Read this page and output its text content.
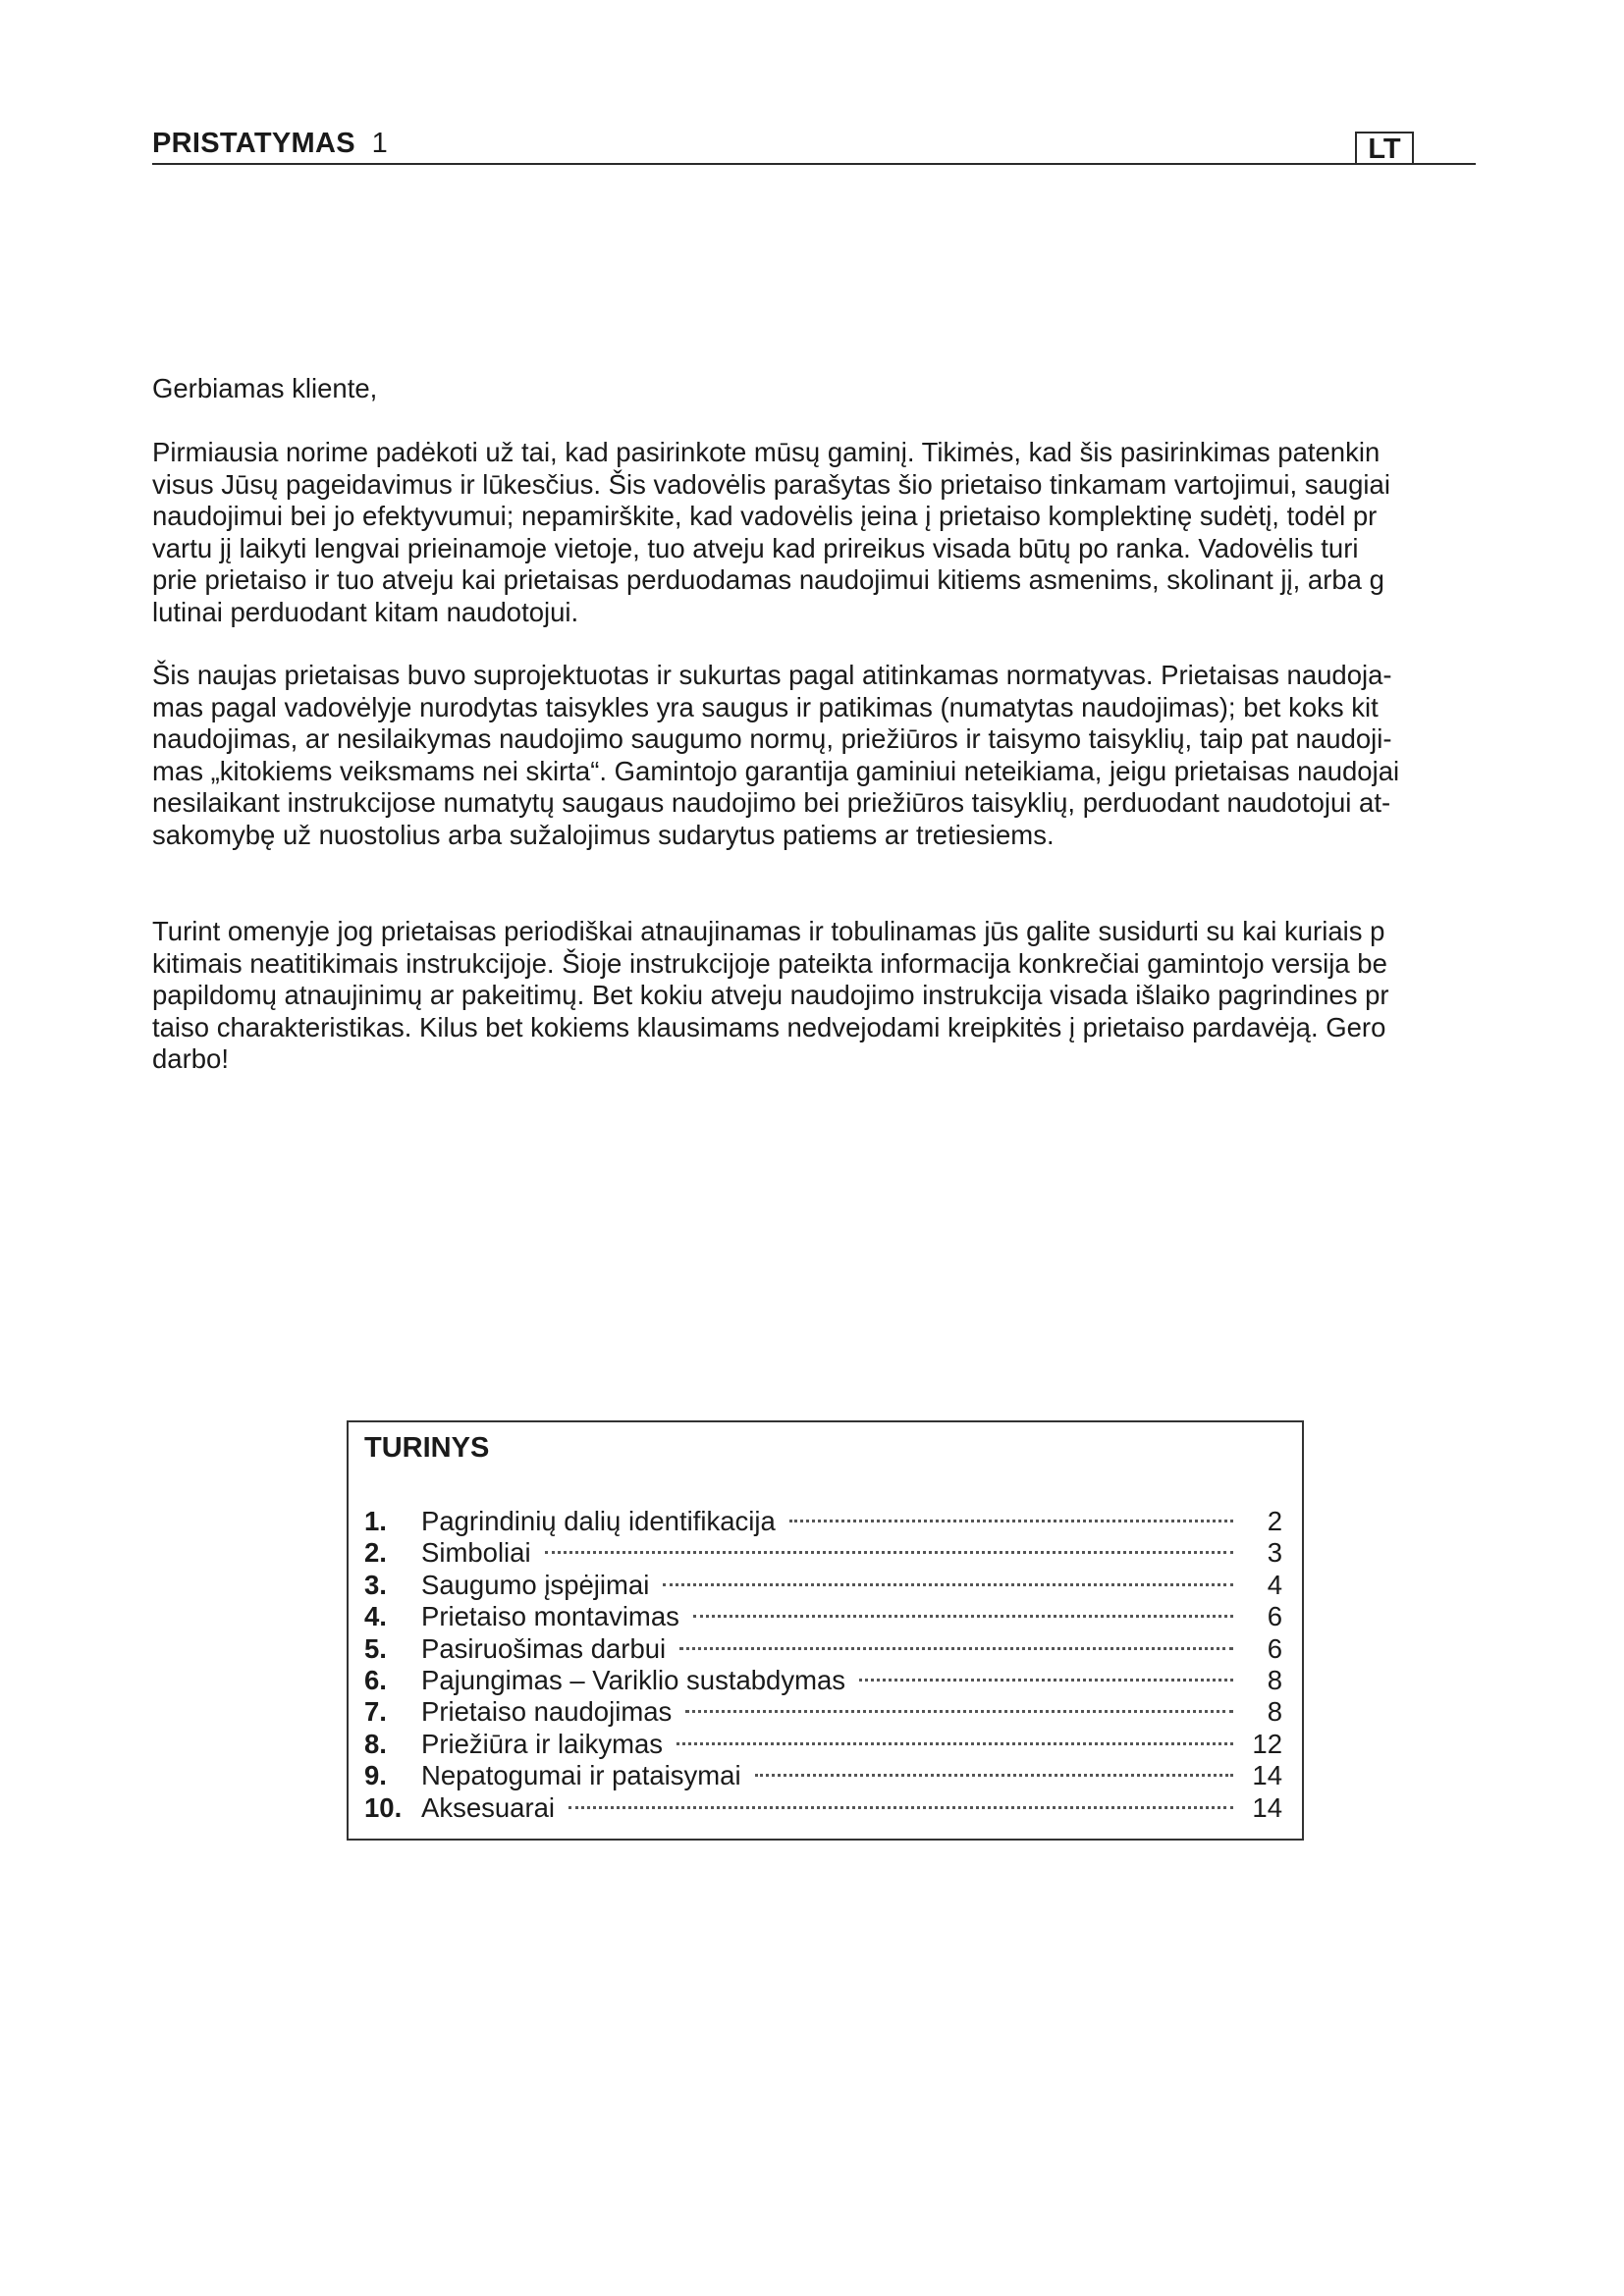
PRISTATYMAS 1	LT
Gerbiamas kliente,
Pirmiausia norime padėkoti už tai, kad pasirinkote mūsų gaminį. Tikimės, kad šis pasirinkimas patenkin
visus Jūsų pageidavimus ir lūkesčius. Šis vadovėlis parašytas šio prietaiso tinkamam vartojimui, saugiai
naudojimui bei jo efektyvumui; nepamirškite, kad vadovėlis įeina į prietaiso komplektinę sudėtį, todėl pr
vartu jį laikyti lengvai prieinamoje vietoje, tuo atveju kad prireikus visada būtų po ranka. Vadovėlis turi
prie prietaiso ir tuo atveju kai prietaisas perduodamas naudojimui kitiems asmenims, skolinant jį, arba g
lutinai perduodant kitam naudotojui.
Šis naujas prietaisas buvo suprojektuotas ir sukurtas pagal atitinkamas normatyvas. Prietaisas naudoja-
mas pagal vadovėlyje nurodytas taisykles yra saugus ir patikimas (numatytas naudojimas); bet koks kit
naudojimas, ar nesilaikymas naudojimo saugumo normų, priežiūros ir taisymo taisyklių, taip pat naudoji-
mas „kitokiems veiksmams nei skirta“. Gamintojo garantija gaminiui neteikiama, jeigu prietaisas naudojai
nesilaikant instrukcijose numatytų saugaus naudojimo bei priežiūros taisyklių, perduodant naudotojui at-
sakomybę už nuostolius arba sužalojimus sudarytus patiems ar tretiesiems.
Turint omenyje jog prietaisas periodiškai atnaujinamas ir tobulinamas jūs galite susidurti su kai kuriais p
kitimais neatitikimais instrukcijoje. Šioje instrukcijoje pateikta informacija konkrečiai gamintojo versija be
papildomų atnaujinimų ar pakeitimų. Bet kokiu atveju naudojimo instrukcija visada išlaiko pagrindines pr
taiso charakteristikas. Kilus bet kokiems klausimams nedvejodami kreipkitės į prietaiso pardavėją. Gero
darbo!
TURINYS
1.	Pagrindinių dalių identifikacija	2
2.	Simboliai	3
3.	Saugumo įspėjimai	4
4.	Prietaiso montavimas	6
5.	Pasiruošimas darbui	6
6.	Pajungimas – Variklio sustabdymas	8
7.	Prietaiso naudojimas	8
8.	Priežiūra ir laikymas	12
9.	Nepatogumai ir pataisymai	14
10. Aksesuarai	14
